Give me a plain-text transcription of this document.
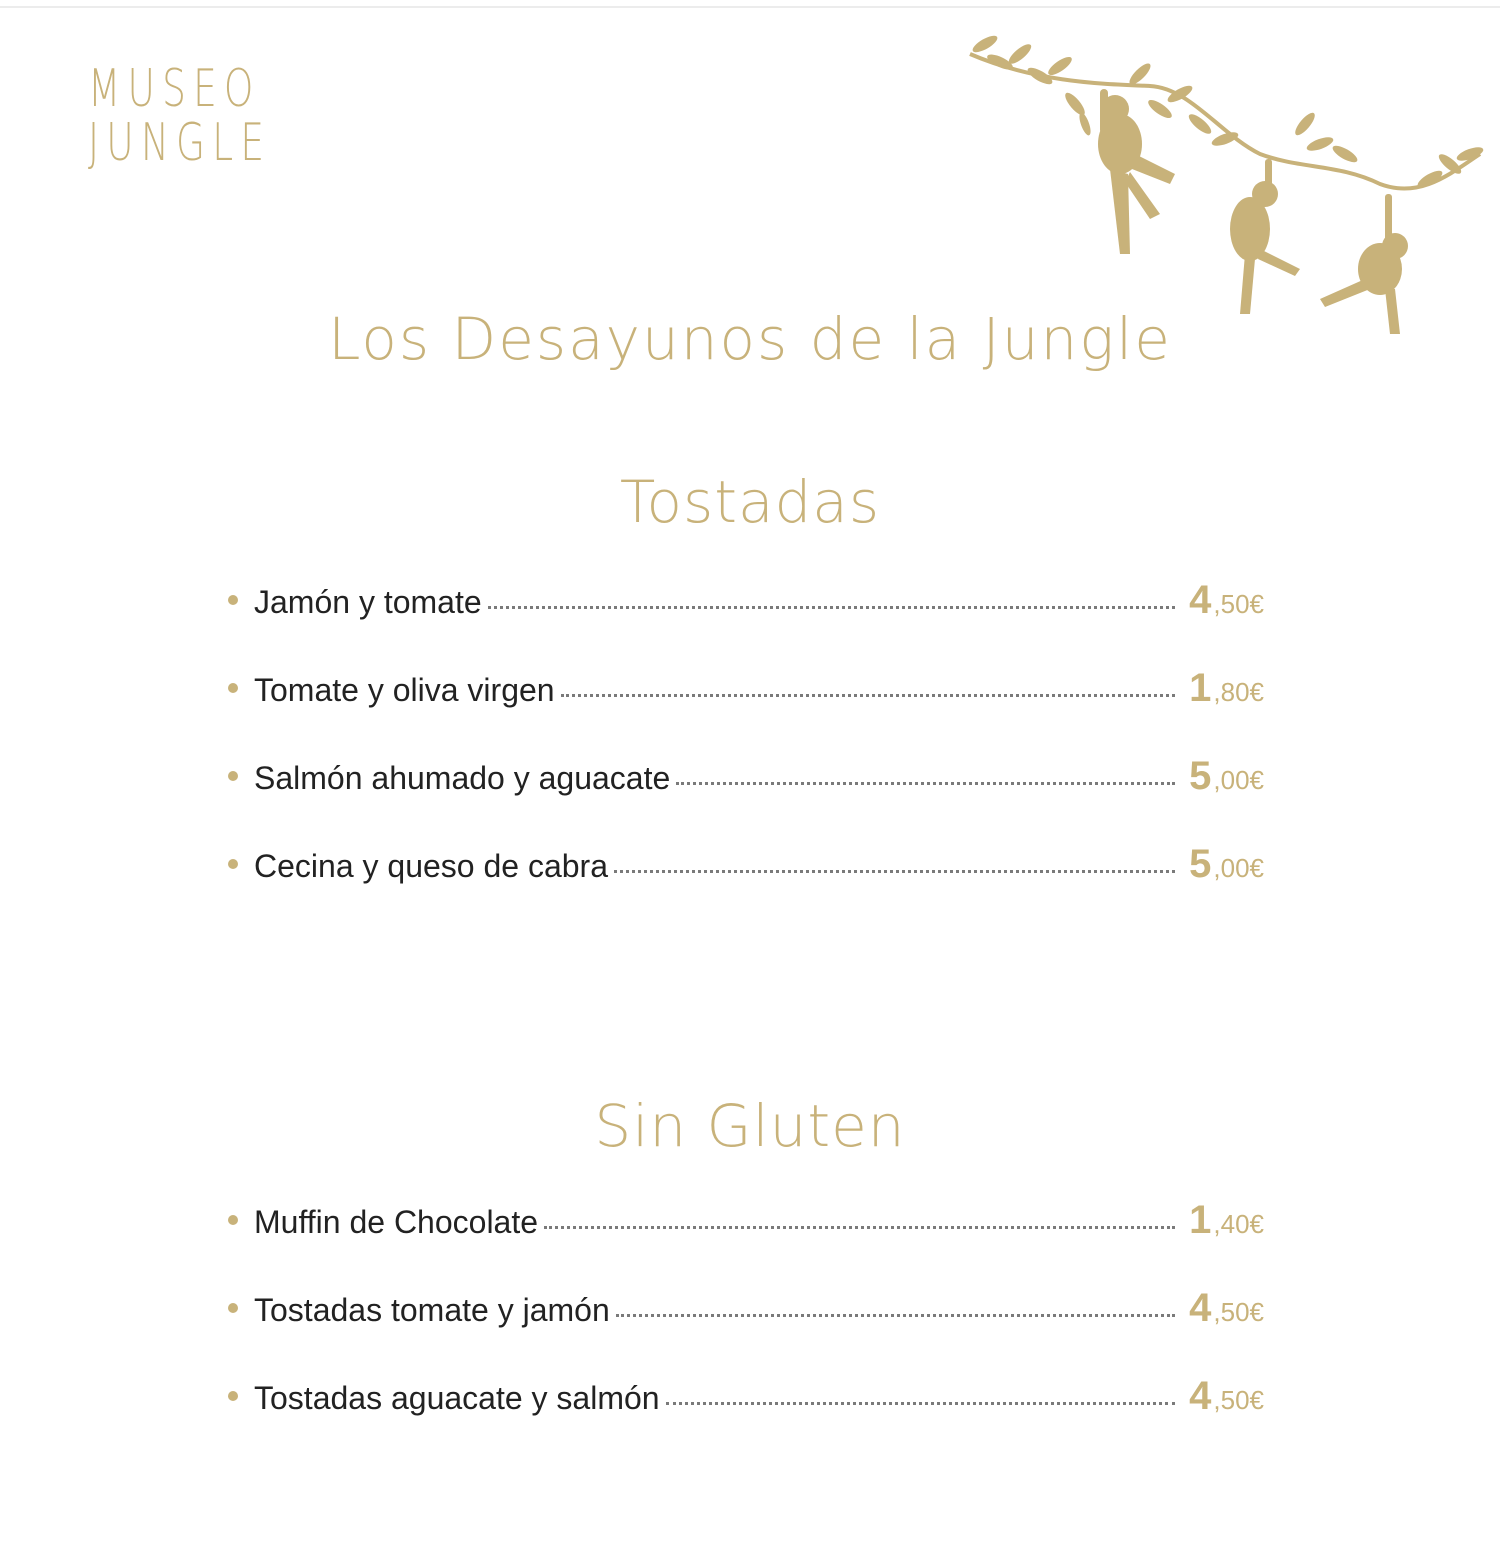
MUSEO
JUNGLE
Los Desayunos de la Jungle
Tostadas
Jamón y tomate	4,50€
Tomate y oliva virgen	1,80€
Salmón ahumado y aguacate	5,00€
Cecina y queso de cabra	5,00€
Sin Gluten
Muffin de Chocolate	1,40€
Tostadas tomate y jamón	4,50€
Tostadas aguacate y salmón	4,50€
